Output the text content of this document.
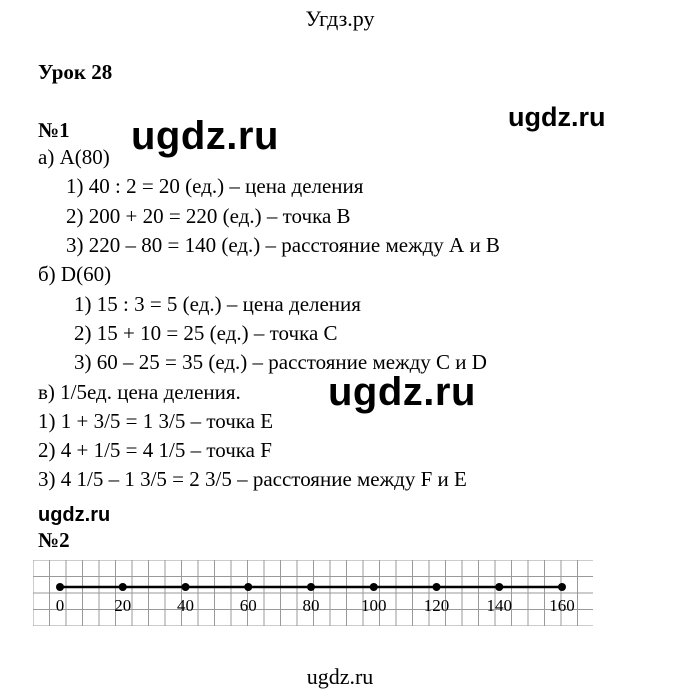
Угдз.ру
Урок 28
ugdz.ru
№1 ugdz.ru
а) А(80)
1) 40 : 2 = 20 (ед.) – цена деления
2) 200 + 20 = 220 (ед.) – точка В
3) 220 – 80 = 140 (ед.) – расстояние между А и В
б) D(60)
1) 15 : 3 = 5 (ед.) – цена деления
2) 15 + 10 = 25 (ед.) – точка С
3) 60 – 25 = 35 (ед.) – расстояние между С и D
в) 1/5ед. цена деления. ugdz.ru
1) 1 + 3/5 = 1 3/5 – точка Е
2) 4 + 1/5 = 4 1/5 – точка F
3) 4 1/5 – 1 3/5 = 2 3/5 – расстояние между F и Е
ugdz.ru
№2
0	20	40	60	80 100 120 140 160
ugdz.ru
